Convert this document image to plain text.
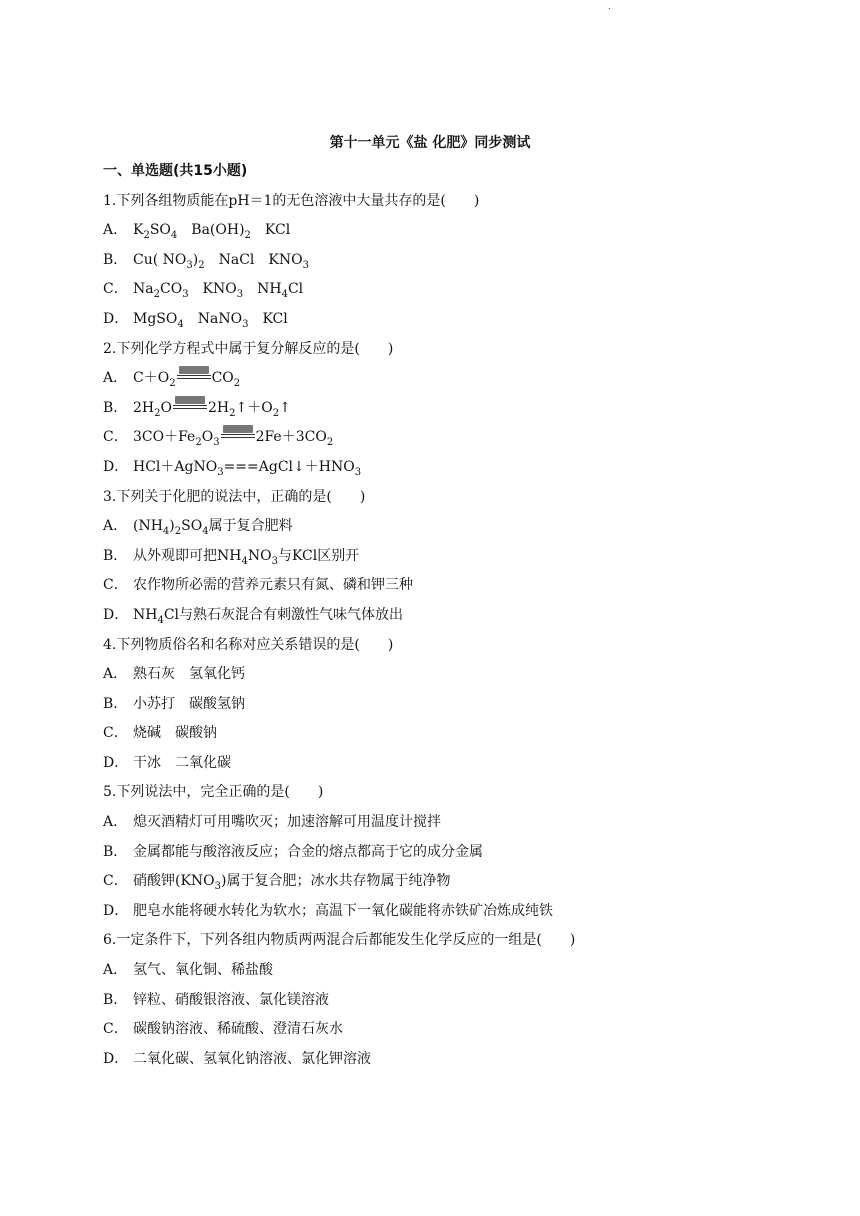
.
第十一单元《盐 化肥》同步测试
一、单选题(共15小题)
1.下列各组物质能在pH＝1的无色溶液中大量共存的是(　　)
A． $K_2SO_4$　$Ba(OH)_2$　KCl
B． Cu( $NO_3)_2$　NaCl　$KNO_3$
C． $Na_2CO_3$　$KNO_3$　$NH_4Cl$
D． MgSO$_4$　NaNO$_3$　KCl
2.下列化学方程式中属于复分解反应的是(　　)
A． $C+O_2$	$CO_2$
B． $2H_2O$	$2H_2↑+O_2↑$
C． $3CO+Fe_2O_3$	$2Fe+3CO_2$
D． $HCl+AgNO_3===AgCl↓+HNO_3$
3.下列关于化肥的说法中，正确的是(　　)
A． $(NH_4)_2SO_4$属于复合肥料
B． 从外观即可把$NH_4NO_3$与KCl区别开
C． 农作物所必需的营养元素只有氮、磷和钾三种
D． $NH_4Cl$与熟石灰混合有刺激性气味气体放出
4.下列物质俗名和名称对应关系错误的是(　　)
A． 熟石灰　氢氧化钙
B． 小苏打　碳酸氢钠
C． 烧碱　碳酸钠
D． 干冰　二氧化碳
5.下列说法中，完全正确的是(　　)
A． 熄灭酒精灯可用嘴吹灭；加速溶解可用温度计搅拌
B． 金属都能与酸溶液反应；合金的熔点都高于它的成分金属
C． 硝酸钾$(KNO_3)$属于复合肥；冰水共存物属于纯净物
D． 肥皂水能将硬水转化为软水；高温下一氧化碳能将赤铁矿冶炼成纯铁
6.一定条件下，下列各组内物质两两混合后都能发生化学反应的一组是(　　)
A． 氢气、氧化铜、稀盐酸
B． 锌粒、硝酸银溶液、氯化镁溶液
C． 碳酸钠溶液、稀硫酸、澄清石灰水
D． 二氧化碳、氢氧化钠溶液、氯化钾溶液
